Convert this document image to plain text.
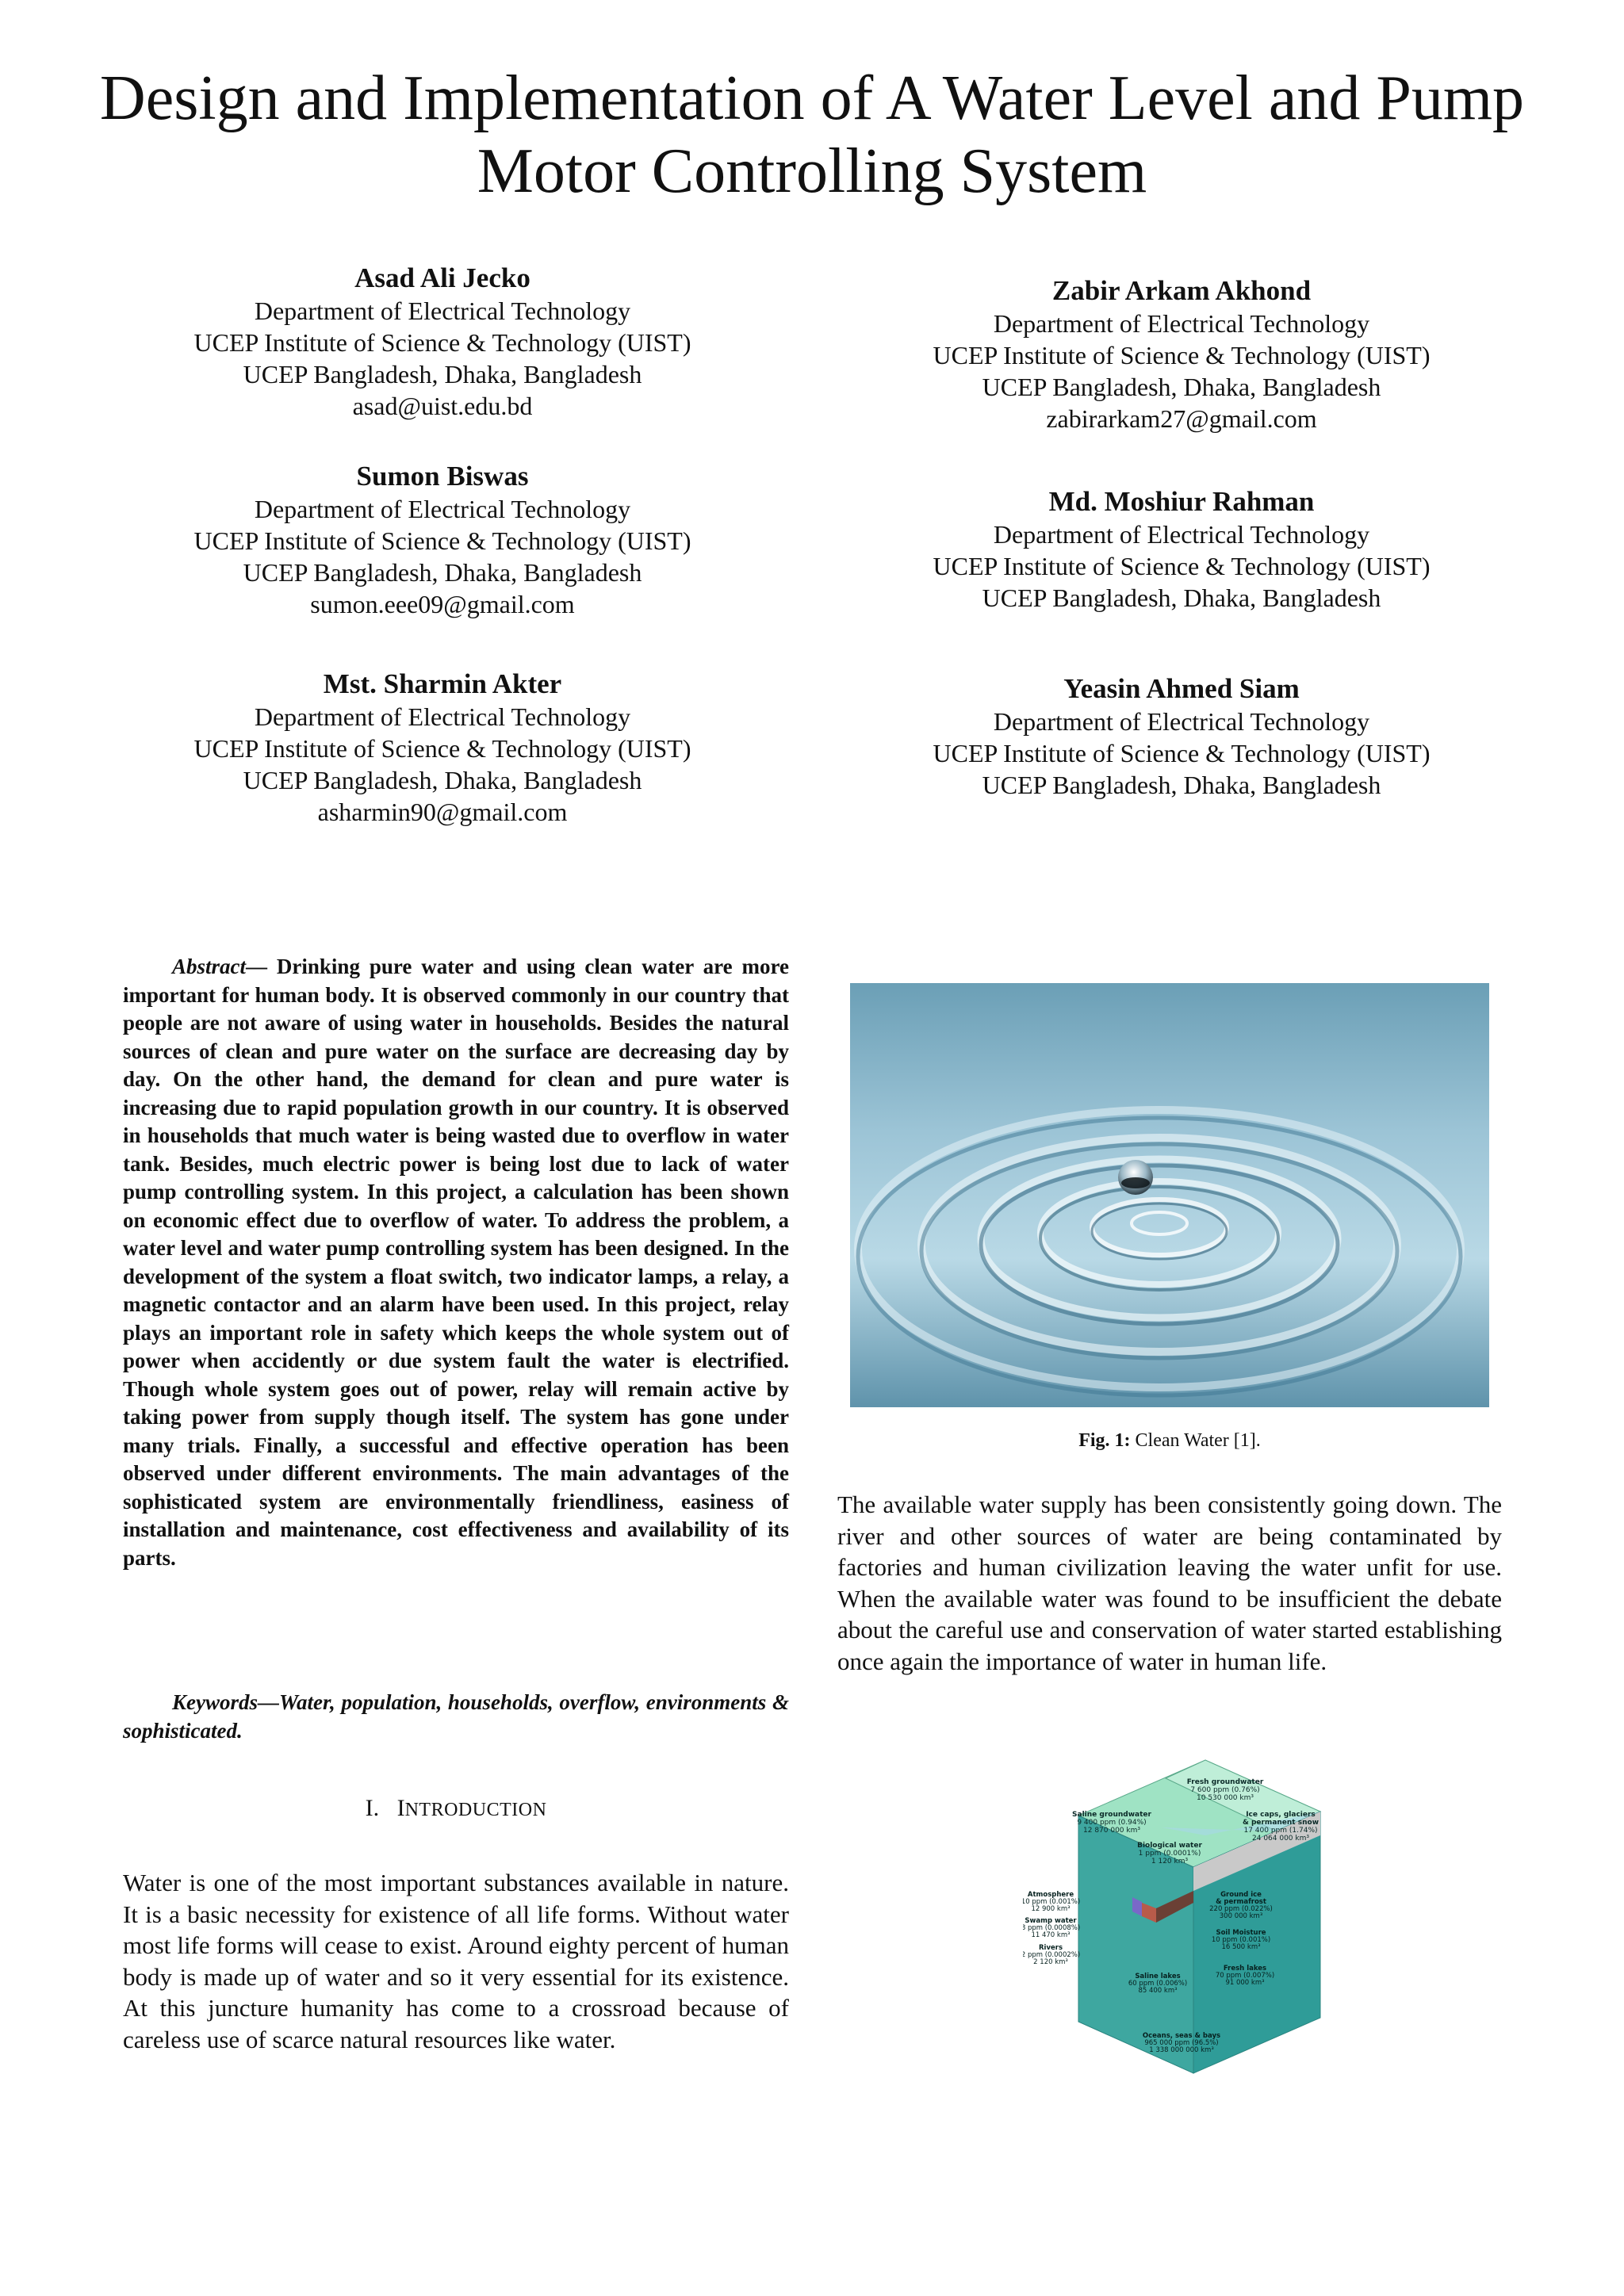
Design and Implementation of A Water Level and Pump Motor Controlling System
Asad Ali Jecko
Department of Electrical Technology
UCEP Institute of Science & Technology (UIST)
UCEP Bangladesh, Dhaka, Bangladesh
asad@uist.edu.bd
Zabir Arkam Akhond
Department of Electrical Technology
UCEP Institute of Science & Technology (UIST)
UCEP Bangladesh, Dhaka, Bangladesh
zabirarkam27@gmail.com
Sumon Biswas
Department of Electrical Technology
UCEP Institute of Science & Technology (UIST)
UCEP Bangladesh, Dhaka, Bangladesh
sumon.eee09@gmail.com
Md. Moshiur Rahman
Department of Electrical Technology
UCEP Institute of Science & Technology (UIST)
UCEP Bangladesh, Dhaka, Bangladesh
Mst. Sharmin Akter
Department of Electrical Technology
UCEP Institute of Science & Technology (UIST)
UCEP Bangladesh, Dhaka, Bangladesh
asharmin90@gmail.com
Yeasin Ahmed Siam
Department of Electrical Technology
UCEP Institute of Science & Technology (UIST)
UCEP Bangladesh, Dhaka, Bangladesh

Abstract— Drinking pure water and using clean water are more important for human body. It is observed commonly in our country that people are not aware of using water in households. Besides the natural sources of clean and pure water on the surface are decreasing day by day. On the other hand, the demand for clean and pure water is increasing due to rapid population growth in our country. It is observed in households that much water is being wasted due to overflow in water tank. Besides, much electric power is being lost due to lack of water pump controlling system. In this project, a calculation has been shown on economic effect due to overflow of water. To address the problem, a water level and water pump controlling system has been designed. In the development of the system a float switch, two indicator lamps, a relay, a magnetic contactor and an alarm have been used. In this project, relay plays an important role in safety which keeps the whole system out of power when accidently or due system fault the water is electrified. Though whole system goes out of power, relay will remain active by taking power from supply though itself. The system has gone under many trials. Finally, a successful and effective operation has been observed under different environments. The main advantages of the sophisticated system are environmentally friendliness, easiness of installation and maintenance, cost effectiveness and availability of its parts.

Keywords—Water, population, households, overflow, environments & sophisticated.
I. INTRODUCTION
Water is one of the most important substances available in nature. It is a basic necessity for existence of all life forms. Without water most life forms will cease to exist. Around eighty percent of human body is made up of water and so it very essential for its existence. At this juncture humanity has come to a crossroad because of careless use of scarce natural resources like water.
Fig. 1: Clean Water [1].
The available water supply has been consistently going down. The river and other sources of water are being contaminated by factories and human civilization leaving the water unfit for use. When the available water was found to be insufficient the debate about the careful use and conservation of water started establishing once again the importance of water in human life.
Fresh groundwater
7 600 ppm (0.76%)
10 530 000 km³
Saline groundwater
9 400 ppm (0.94%)
12 870 000 km³
Ice caps, glaciers
& permanent snow
17 400 ppm (1.74%)
24 064 000 km³
Biological water
1 ppm (0.0001%)
1 120 km³
Atmosphere
10 ppm (0.001%)
12 900 km³
Swamp water
8 ppm (0.0008%)
11 470 km³
Rivers
2 ppm (0.0002%)
2 120 km³
Ground ice
& permafrost
220 ppm (0.022%)
300 000 km³
Soil Moisture
10 ppm (0.001%)
16 500 km³
Saline lakes
60 ppm (0.006%)
85 400 km³
Fresh lakes
70 ppm (0.007%)
91 000 km³
Oceans, seas & bays
965 000 ppm (96.5%)
1 338 000 000 km³
